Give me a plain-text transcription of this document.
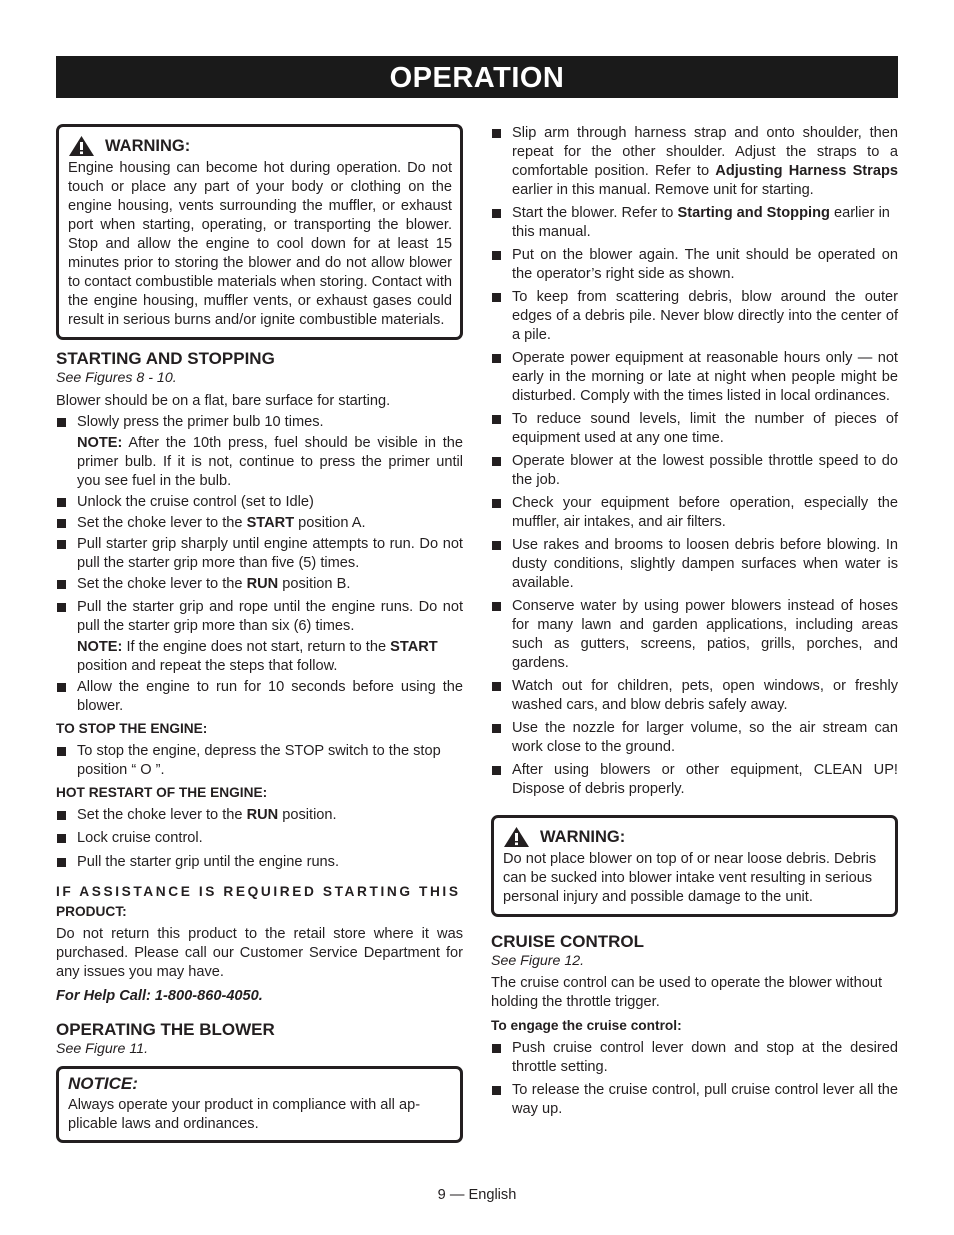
OPERATION
WARNING:

Engine housing can become hot during operation. Do not touch or place any part of your body or clothing on the engine housing, vents surrounding the muffler, or exhaust port when starting, operating, or transporting the blower. Stop and allow the engine to cool down for at least 15 minutes prior to storing the blower and do not allow blower to contact combustible materials when storing. Contact with the engine housing, muffler vents, or exhaust gases could result in serious burns and/or ignite combustible materials.

STARTING AND STOPPING
See Figures 8 - 10.

Blower should be on a flat, bare surface for starting.

Slowly press the primer bulb 10 times.

NOTE: After the 10th press, fuel should be visible in the primer bulb. If it is not, continue to press the primer until you see fuel in the bulb.

Unlock the cruise control (set to Idle)
Set the choke lever to the START position A.
Pull starter grip sharply until engine attempts to run. Do not pull the starter grip more than five (5) times.
Set the choke lever to the RUN position B.
Pull the starter grip and rope until the engine runs. Do not pull the starter grip more than six (6) times.

NOTE: If the engine does not start, return to the START position and repeat the steps that follow.

Allow the engine to run for 10 seconds before using the blower.
TO STOP THE ENGINE:
To stop the engine, depress the STOP switch to the stop position “ O ”.
HOT RESTART OF THE ENGINE:
Set the choke lever to the RUN position.
Lock cruise control.
Pull the starter grip until the engine runs.
IF ASSISTANCE IS REQUIRED STARTING THIS
PRODUCT:

Do not return this product to the retail store where it was purchased. Please call our Customer Service Department for any issues you may have.

For Help Call: 1-800-860-4050.

OPERATING THE BLOWER
See Figure 11.
NOTICE:

Always operate your product in compliance with all applicable laws and ordinances.

Slip arm through harness strap and onto shoulder, then repeat for the other shoulder. Adjust the straps to a comfortable position. Refer to Adjusting Harness Straps earlier in this manual. Remove unit for starting.
Start the blower. Refer to Starting and Stopping earlier in this manual.
Put on the blower again. The unit should be operated on the operator’s right side as shown.
To keep from scattering debris, blow around the outer edges of a debris pile. Never blow directly into the center of a pile.
Operate power equipment at reasonable hours only — not early in the morning or late at night when people might be disturbed. Comply with the times listed in local ordinances.
To reduce sound levels, limit the number of pieces of equipment used at any one time.
Operate blower at the lowest possible throttle speed to do the job.
Check your equipment before operation, especially the muffler, air intakes, and air filters.
Use rakes and brooms to loosen debris before blowing. In dusty conditions, slightly dampen surfaces when water is available.
Conserve water by using power blowers instead of hoses for many lawn and garden applications, including areas such as gutters, screens, patios, grills, porches, and gardens.
Watch out for children, pets, open windows, or freshly washed cars, and blow debris safely away.
Use the nozzle for larger volume, so the air stream can work close to the ground.
After using blowers or other equipment, CLEAN UP! Dispose of debris properly.
WARNING:

Do not place blower on top of or near loose debris. Debris can be sucked into blower intake vent resulting in serious personal injury and possible damage to the unit.

CRUISE CONTROL
See Figure 12.

The cruise control can be used to operate the blower without holding the throttle trigger.

To engage the cruise control:
Push cruise control lever down and stop at the desired throttle setting.
To release the cruise control, pull cruise control lever all the way up.
9 — English
